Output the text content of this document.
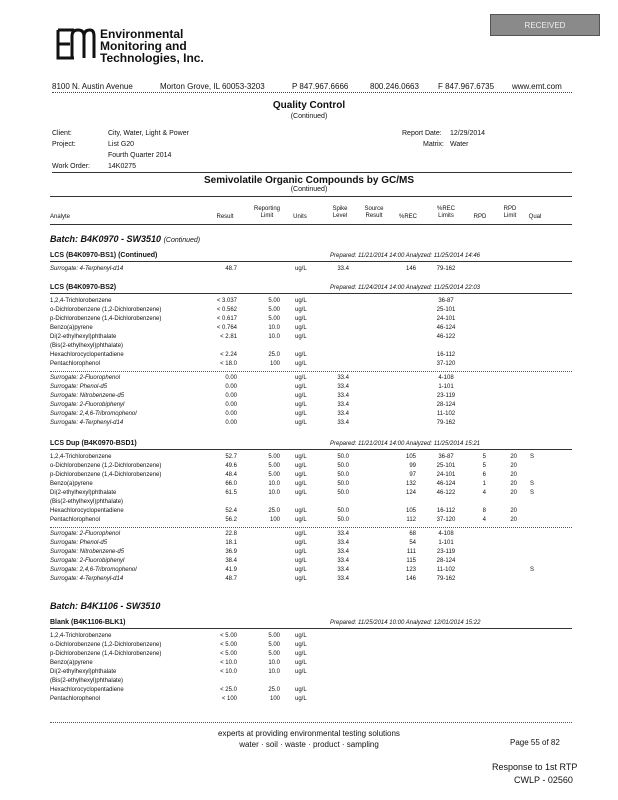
RECEIVED
Environmental
Monitoring and
Technologies, Inc.
8100 N. Austin Avenue	Morton Grove, IL 60053-3203	P 847.967.6666	800.246.0663 F 847.967.6735 www.emt.com
Quality Control
(Continued)
Client:	City, Water, Light & Power
Project:	List G20
Fourth Quarter 2014
Work Order:	14K0275
Report Date: 12/29/2014
Matrix: Water
Semivolatile Organic Compounds by GC/MS
(Continued)
Analyte	Result
Reporting
Limit	Units
Spike
Level
Source
Result	%REC
%REC
Limits	RPD
RPD
Limit	Qual
Batch: B4K0970 - SW3510 (Continued)
LCS (B4K0970-BS1) (Continued)	Prepared: 11/21/2014 14:00 Analyzed: 11/25/2014 14:46
Surrogate: 4-Terphenyl-d14	48.7	ug/L	33.4	146	79-162
LCS (B4K0970-BS2)	Prepared: 11/24/2014 14:00 Analyzed: 11/25/2014 22:03
1,2,4-Trichlorobenzene	< 3.037	5.00	ug/L	36-87
o-Dichlorobenzene (1,2-Dichlorobenzene)	< 0.562	5.00	ug/L	25-101
p-Dichlorobenzene (1,4-Dichlorobenzene)	< 0.617	5.00	ug/L	24-101
Benzo(a)pyrene	< 0.764	10.0	ug/L	46-124
Di(2-ethylhexyl)phthalate	< 2.81	10.0	ug/L	46-122
(Bis(2-ethylhexyl)phthalate)
Hexachlorocyclopentadiene	< 2.24	25.0	ug/L	16-112
Pentachlorophenol	< 18.0	100	ug/L	37-120
Surrogate: 2-Fluorophenol	0.00	ug/L	33.4	4-108
Surrogate: Phenol-d5	0.00	ug/L	33.4	1-101
Surrogate: Nitrobenzene-d5	0.00	ug/L	33.4	23-119
Surrogate: 2-Fluorobiphenyl	0.00	ug/L	33.4	28-124
Surrogate: 2,4,6-Tribromophenol	0.00	ug/L	33.4	11-102
Surrogate: 4-Terphenyl-d14	0.00	ug/L	33.4	79-162
LCS Dup (B4K0970-BSD1)	Prepared: 11/21/2014 14:00 Analyzed: 11/25/2014 15:21
1,2,4-Trichlorobenzene	52.7	5.00	ug/L	50.0	105	36-87	5	20 S
o-Dichlorobenzene (1,2-Dichlorobenzene)	49.6	5.00	ug/L	50.0	99	25-101	5	20
p-Dichlorobenzene (1,4-Dichlorobenzene)	48.4	5.00	ug/L	50.0	97	24-101	6	20
Benzo(a)pyrene	66.0	10.0	ug/L	50.0	132	46-124	1	20 S
Di(2-ethylhexyl)phthalate	61.5	10.0	ug/L	50.0	124	46-122	4	20 S
(Bis(2-ethylhexyl)phthalate)
Hexachlorocyclopentadiene	52.4	25.0	ug/L	50.0	105	16-112	8	20
Pentachlorophenol	56.2	100	ug/L	50.0	112	37-120	4	20
Surrogate: 2-Fluorophenol	22.8	ug/L	33.4	68	4-108
Surrogate: Phenol-d5	18.1	ug/L	33.4	54	1-101
Surrogate: Nitrobenzene-d5	36.9	ug/L	33.4	111	23-119
Surrogate: 2-Fluorobiphenyl	38.4	ug/L	33.4	115	28-124
Surrogate: 2,4,6-Tribromophenol	41.9	ug/L	33.4	123	11-102	S
Surrogate: 4-Terphenyl-d14	48.7	ug/L	33.4	146	79-162
Batch: B4K1106 - SW3510
Blank (B4K1106-BLK1)	Prepared: 11/25/2014 10:00 Analyzed: 12/01/2014 15:22
1,2,4-Trichlorobenzene	< 5.00	5.00	ug/L
o-Dichlorobenzene (1,2-Dichlorobenzene)	< 5.00	5.00	ug/L
p-Dichlorobenzene (1,4-Dichlorobenzene)	< 5.00	5.00	ug/L
Benzo(a)pyrene	< 10.0	10.0	ug/L
Di(2-ethylhexyl)phthalate	< 10.0	10.0	ug/L
(Bis(2-ethylhexyl)phthalate)
Hexachlorocyclopentadiene	< 25.0	25.0	ug/L
Pentachlorophenol	< 100	100	ug/L
experts at providing environmental testing solutions
water · soil · waste · product · sampling	Page 55 of 82
Response to 1st RTP
CWLP - 02560
